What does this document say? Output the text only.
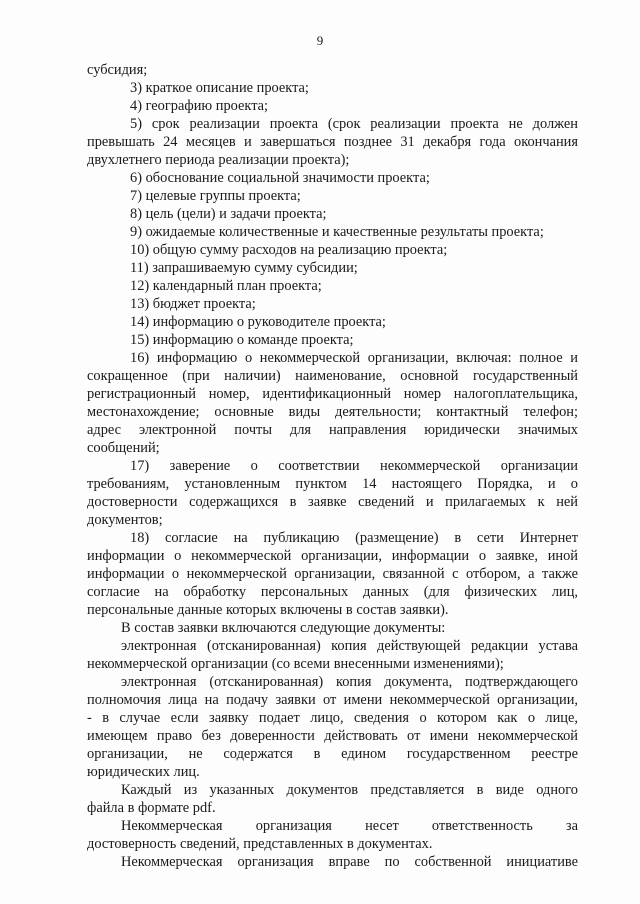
9
субсидия;
3) краткое описание проекта;
4) географию проекта;
5) срок реализации проекта (срок реализации проекта не должен
превышать 24 месяцев и завершаться позднее 31 декабря года окончания
двухлетнего периода реализации проекта);
6) обоснование социальной значимости проекта;
7) целевые группы проекта;
8) цель (цели) и задачи проекта;
9) ожидаемые количественные и качественные результаты проекта;
10) общую сумму расходов на реализацию проекта;
11) запрашиваемую сумму субсидии;
12) календарный план проекта;
13) бюджет проекта;
14) информацию о руководителе проекта;
15) информацию о команде проекта;
16) информацию о некоммерческой организации, включая: полное и
сокращенное (при наличии) наименование, основной государственный
регистрационный номер, идентификационный номер налогоплательщика,
местонахождение; основные виды деятельности; контактный телефон;
адрес электронной почты для направления юридически значимых
сообщений;
17) заверение о соответствии некоммерческой организации
требованиям, установленным пунктом 14 настоящего Порядка, и о
достоверности содержащихся в заявке сведений и прилагаемых к ней
документов;
18) согласие на публикацию (размещение) в сети Интернет
информации о некоммерческой организации, информации о заявке, иной
информации о некоммерческой организации, связанной с отбором, а также
согласие на обработку персональных данных (для физических лиц,
персональные данные которых включены в состав заявки).
В состав заявки включаются следующие документы:
электронная (отсканированная) копия действующей редакции устава
некоммерческой организации (со всеми внесенными изменениями);
электронная (отсканированная) копия документа, подтверждающего
полномочия лица на подачу заявки от имени некоммерческой организации,
- в случае если заявку подает лицо, сведения о котором как о лице,
имеющем право без доверенности действовать от имени некоммерческой
организации, не содержатся в едином государственном реестре
юридических лиц.
Каждый из указанных документов представляется в виде одного
файла в формате pdf.
Некоммерческая организация несет ответственность за
достоверность сведений, представленных в документах.
Некоммерческая организация вправе по собственной инициативе
